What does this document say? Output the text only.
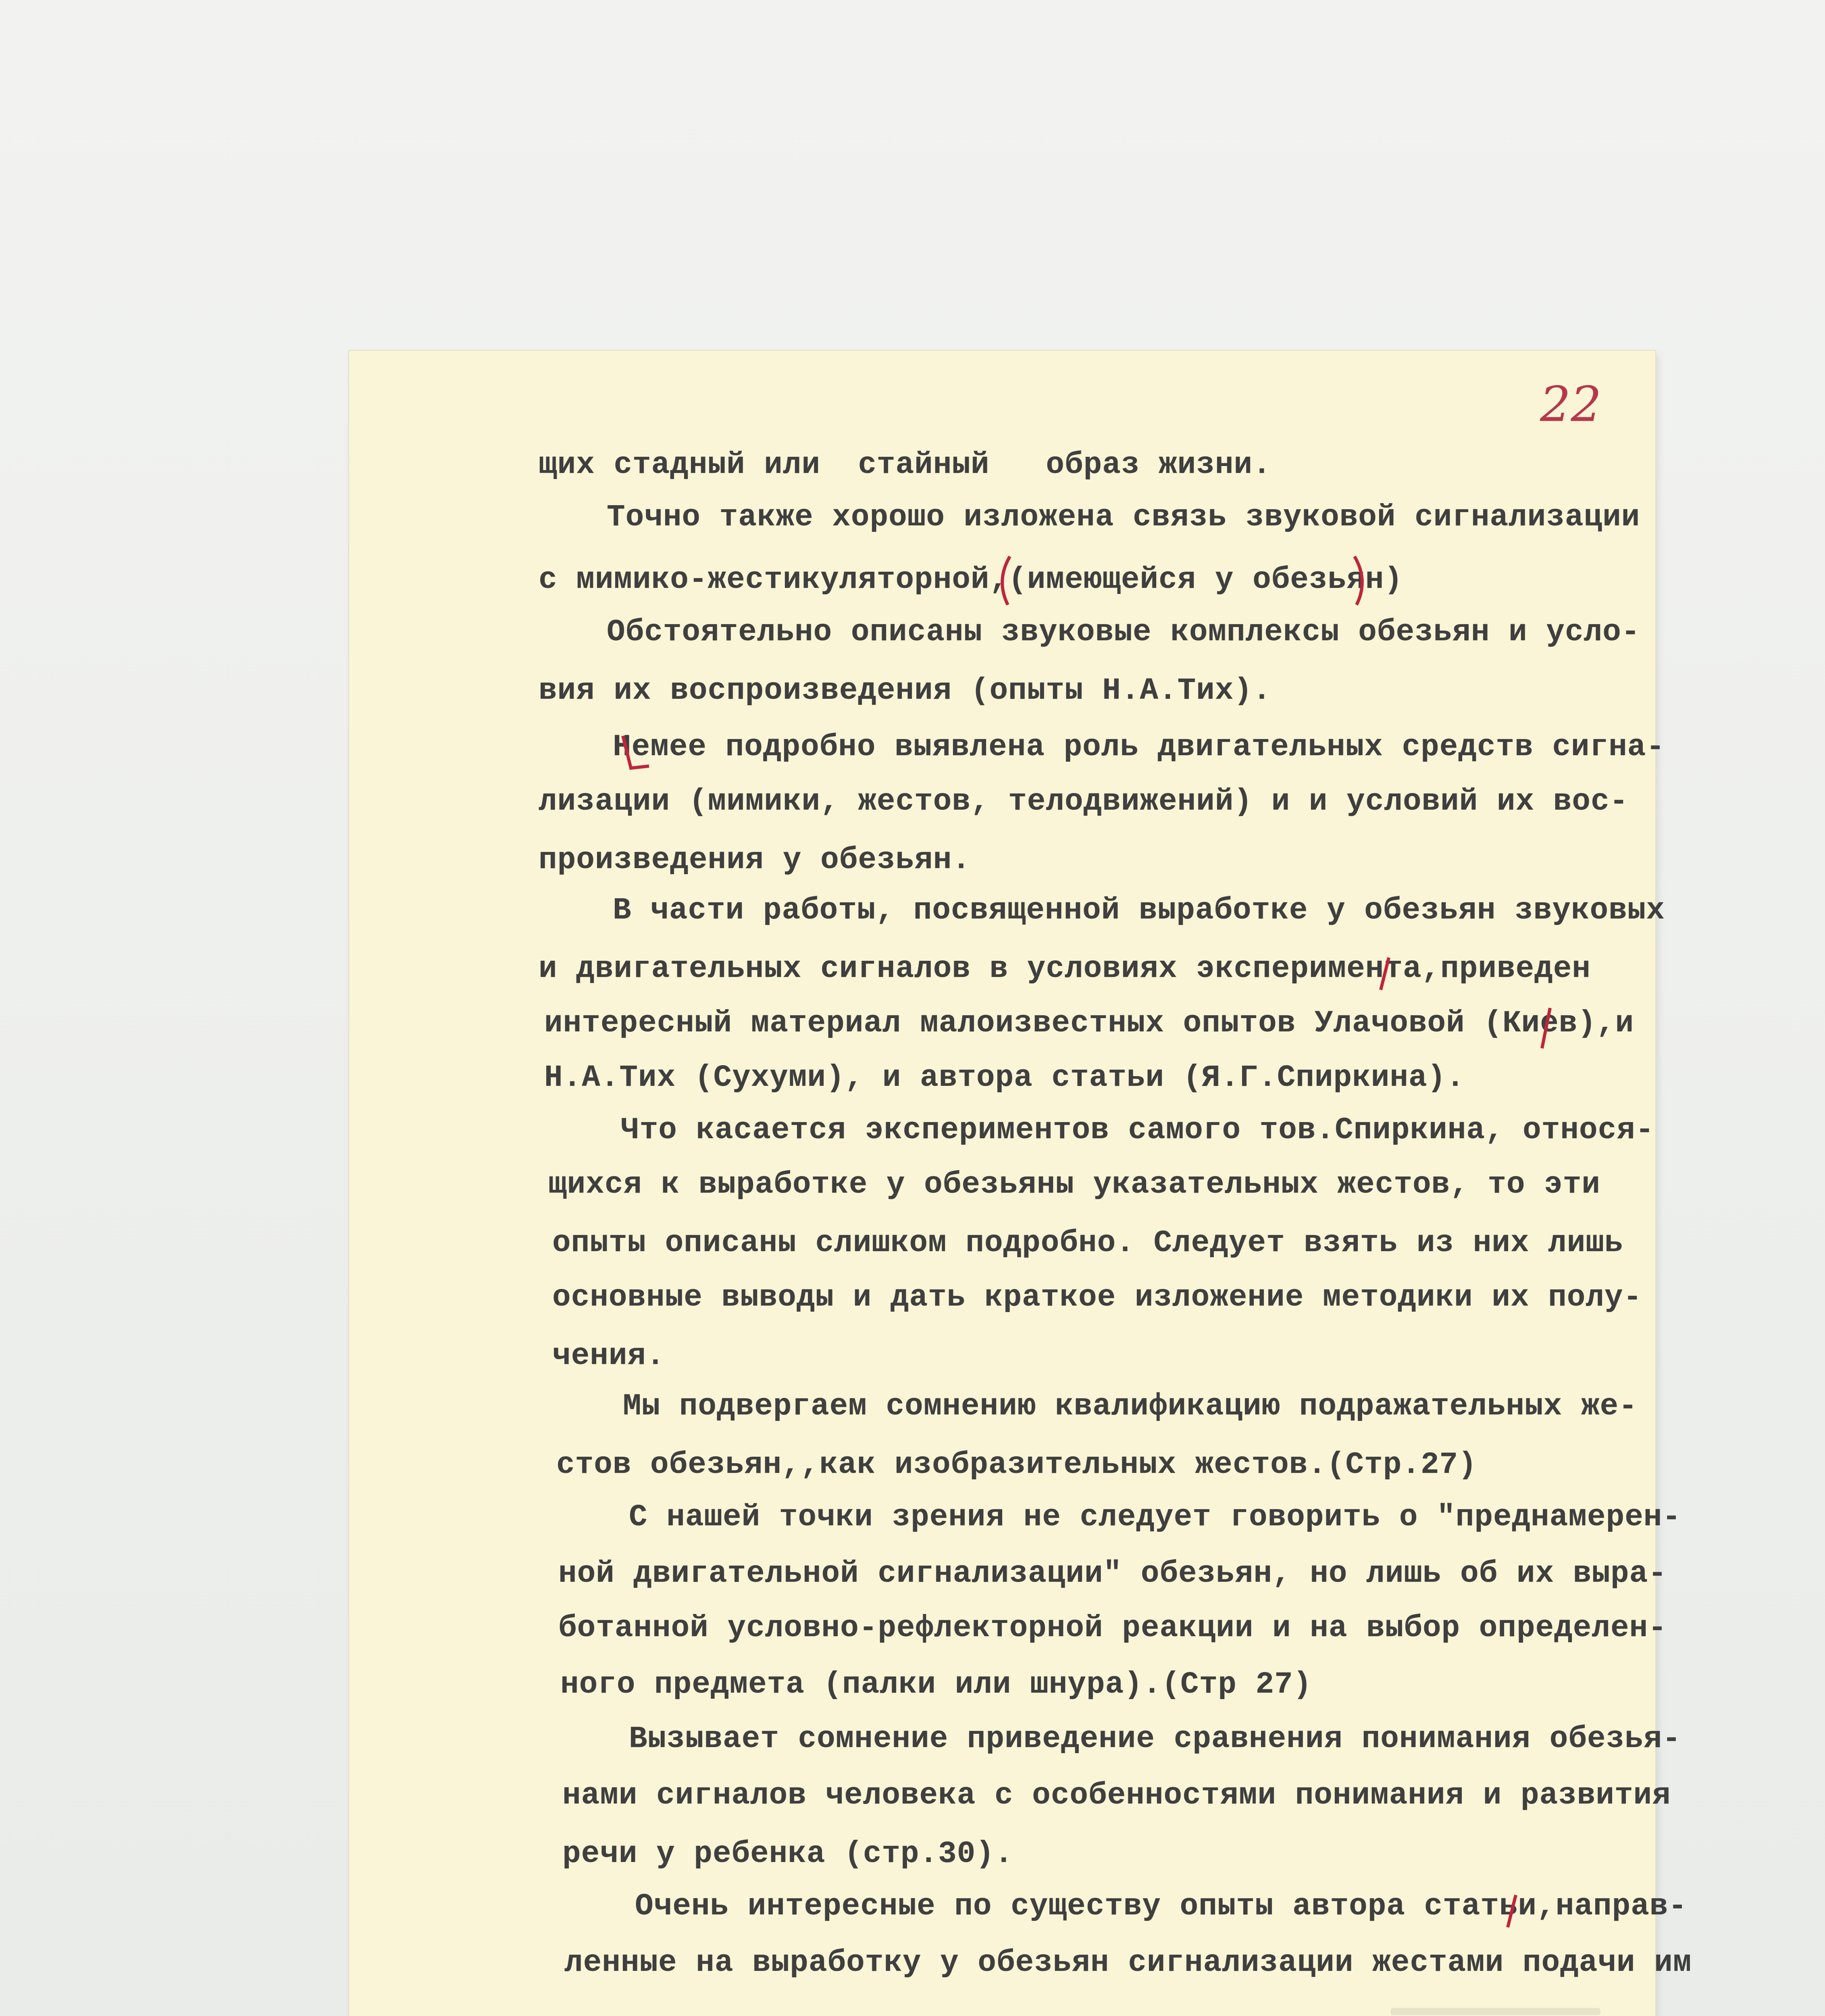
22
щих стадный или  стайный   образ жизни.
Точно также хорошо изложена связь звуковой сигнализации
с мимико-жестикуляторной,(имеющейся у обезьян)
Обстоятельно описаны звуковые комплексы обезьян и усло-
вия их воспроизведения (опыты Н.А.Тих).
Немее подробно выявлена роль двигательных средств сигна-
лизации (мимики, жестов, телодвижений) и и условий их вос-
произведения у обезьян.
В части работы, посвященной выработке у обезьян звуковых
и двигательных сигналов в условиях эксперимента,приведен
интересный материал малоизвестных опытов Улачовой (Киев),и
Н.А.Тих (Сухуми), и автора статьи (Я.Г.Спиркина).
Что касается экспериментов самого тов.Спиркина, относя-
щихся к выработке у обезьяны указательных жестов, то эти
опыты описаны слишком подробно. Следует взять из них лишь
основные выводы и дать краткое изложение методики их полу-
чения.
Мы подвергаем сомнению квалификацию подражательных же-
стов обезьян,,как изобразительных жестов.(Стр.27)
С нашей точки зрения не следует говорить о "преднамерен-
ной двигательной сигнализации" обезьян, но лишь об их выра-
ботанной условно-рефлекторной реакции и на выбор определен-
ного предмета (палки или шнура).(Стр 27)
Вызывает сомнение приведение сравнения понимания обезья-
нами сигналов человека с особенностями понимания и развития
речи у ребенка (стр.30).
Очень интересные по существу опыты автора статьи,направ-
ленные на выработку у обезьян сигнализации жестами подачи им
